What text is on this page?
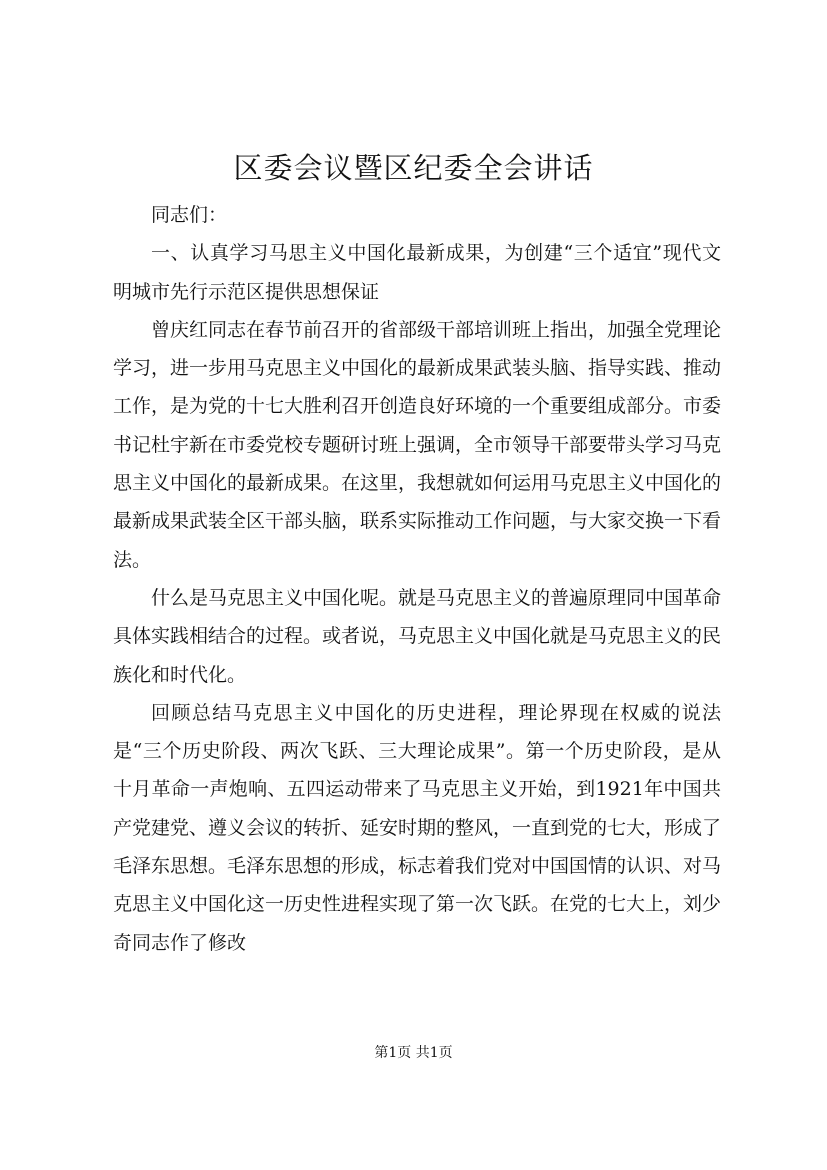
区委会议暨区纪委全会讲话

同志们：

一、认真学习马思主义中国化最新成果，为创建“三个适宜”现代文明城市先行示范区提供思想保证

曾庆红同志在春节前召开的省部级干部培训班上指出，加强全党理论学习，进一步用马克思主义中国化的最新成果武装头脑、指导实践、推动工作，是为党的十七大胜利召开创造良好环境的一个重要组成部分。市委书记杜宇新在市委党校专题研讨班上强调，全市领导干部要带头学习马克思主义中国化的最新成果。在这里，我想就如何运用马克思主义中国化的最新成果武装全区干部头脑，联系实际推动工作问题，与大家交换一下看法。

什么是马克思主义中国化呢。就是马克思主义的普遍原理同中国革命具体实践相结合的过程。或者说，马克思主义中国化就是马克思主义的民族化和时代化。

回顾总结马克思主义中国化的历史进程，理论界现在权威的说法是“三个历史阶段、两次飞跃、三大理论成果”。第一个历史阶段，是从十月革命一声炮响、五四运动带来了马克思主义开始，到1921年中国共产党建党、遵义会议的转折、延安时期的整风，一直到党的七大，形成了毛泽东思想。毛泽东思想的形成，标志着我们党对中国国情的认识、对马克思主义中国化这一历史性进程实现了第一次飞跃。在党的七大上，刘少奇同志作了修改

第1页 共1页
